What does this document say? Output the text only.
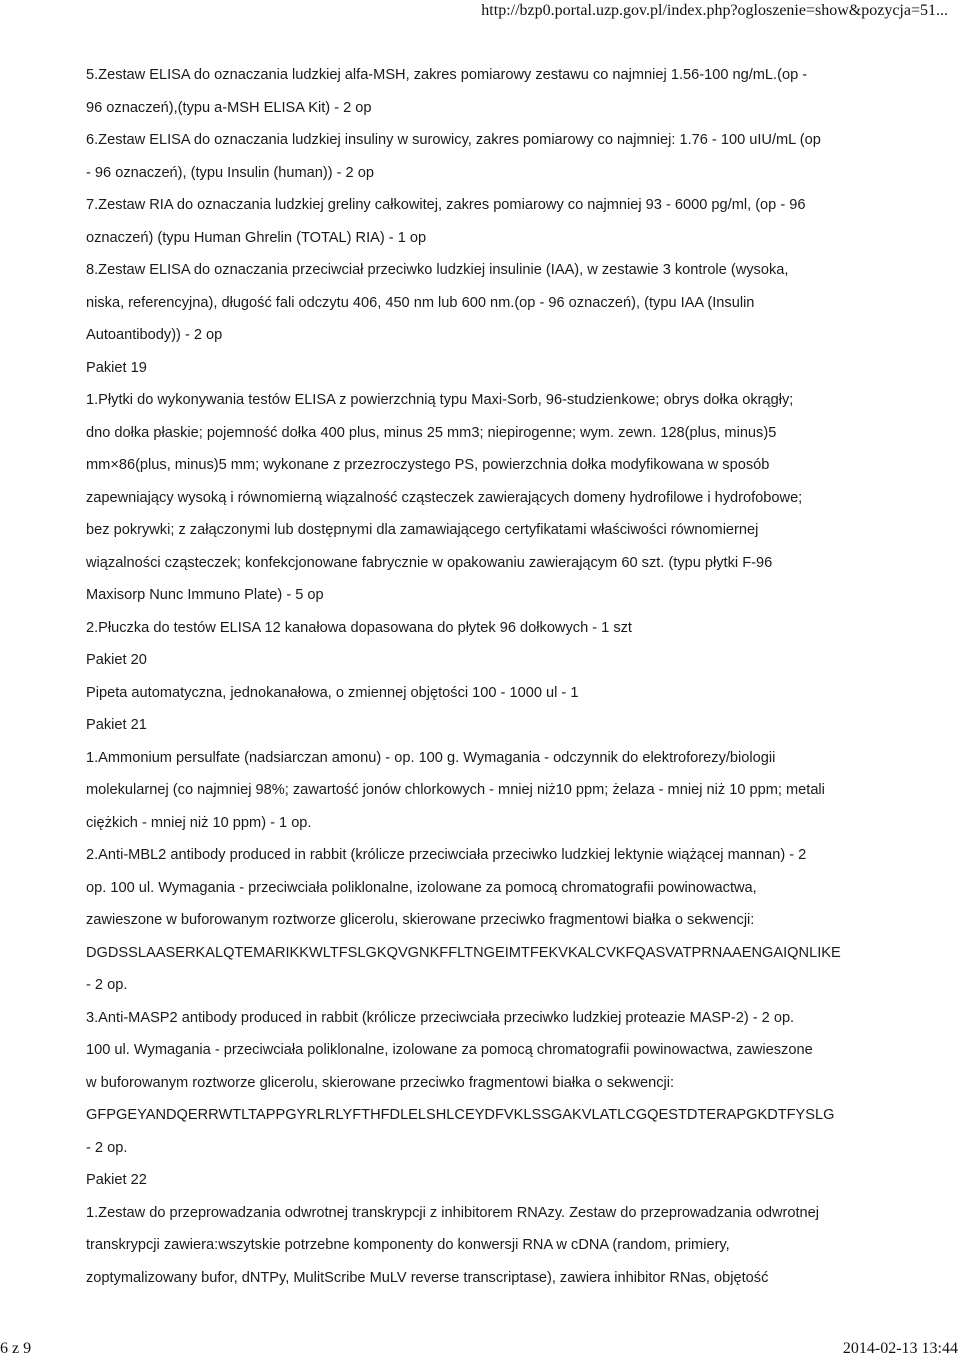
http://bzp0.portal.uzp.gov.pl/index.php?ogloszenie=show&pozycja=51...
5.Zestaw ELISA do oznaczania ludzkiej alfa-MSH, zakres pomiarowy zestawu co najmniej 1.56-100 ng/mL.(op -
96 oznaczeń),(typu a-MSH ELISA Kit) - 2 op
6.Zestaw ELISA do oznaczania ludzkiej insuliny w surowicy, zakres pomiarowy co najmniej: 1.76 - 100 uIU/mL (op
- 96 oznaczeń), (typu Insulin (human)) - 2 op
7.Zestaw RIA do oznaczania ludzkiej greliny całkowitej, zakres pomiarowy co najmniej 93 - 6000 pg/ml, (op - 96
oznaczeń) (typu Human Ghrelin (TOTAL) RIA) - 1 op
8.Zestaw ELISA do oznaczania przeciwciał przeciwko ludzkiej insulinie (IAA), w zestawie 3 kontrole (wysoka,
niska, referencyjna), długość fali odczytu 406, 450 nm lub 600 nm.(op - 96 oznaczeń), (typu IAA (Insulin
Autoantibody)) - 2 op
Pakiet 19
1.Płytki do wykonywania testów ELISA z powierzchnią typu Maxi-Sorb, 96-studzienkowe; obrys dołka okrągły;
dno dołka płaskie; pojemność dołka 400 plus, minus 25 mm3; niepirogenne; wym. zewn. 128(plus, minus)5
mm×86(plus, minus)5 mm; wykonane z przezroczystego PS, powierzchnia dołka modyfikowana w sposób
zapewniający wysoką i równomierną wiązalność cząsteczek zawierających domeny hydrofilowe i hydrofobowe;
bez pokrywki; z załączonymi lub dostępnymi dla zamawiającego certyfikatami właściwości równomiernej
wiązalności cząsteczek; konfekcjonowane fabrycznie w opakowaniu zawierającym 60 szt. (typu płytki F-96
Maxisorp Nunc Immuno Plate) - 5 op
2.Płuczka do testów ELISA 12 kanałowa dopasowana do płytek 96 dołkowych - 1 szt
Pakiet 20
Pipeta automatyczna, jednokanałowa, o zmiennej objętości 100 - 1000 ul - 1
Pakiet 21
1.Ammonium persulfate (nadsiarczan amonu) - op. 100 g. Wymagania - odczynnik do elektroforezy/biologii
molekularnej (co najmniej 98%; zawartość jonów chlorkowych - mniej niż10 ppm; żelaza - mniej niż 10 ppm; metali
ciężkich - mniej niż 10 ppm) - 1 op.
2.Anti-MBL2 antibody produced in rabbit (królicze przeciwciała przeciwko ludzkiej lektynie wiążącej mannan) - 2
op. 100 ul. Wymagania - przeciwciała poliklonalne, izolowane za pomocą chromatografii powinowactwa,
zawieszone w buforowanym roztworze glicerolu, skierowane przeciwko fragmentowi białka o sekwencji:
DGDSSLAASERKALQTEMARIKKWLTFSLGKQVGNKFFLTNGEIMTFEKVKALCVKFQASVATPRNAAENGAIQNLIKE
- 2 op.
3.Anti-MASP2 antibody produced in rabbit (królicze przeciwciała przeciwko ludzkiej proteazie MASP-2) - 2 op.
100 ul. Wymagania - przeciwciała poliklonalne, izolowane za pomocą chromatografii powinowactwa, zawieszone
w buforowanym roztworze glicerolu, skierowane przeciwko fragmentowi białka o sekwencji:
GFPGEYANDQERRWTLTAPPGYRLRLYFTHFDLELSHLCEYDFVKLSSGAKVLATLCGQESTDTERAPGKDTFYSLG
- 2 op.
Pakiet 22
1.Zestaw do przeprowadzania odwrotnej transkrypcji z inhibitorem RNAzy. Zestaw do przeprowadzania odwrotnej
transkrypcji zawiera:wszytskie potrzebne komponenty do konwersji RNA w cDNA (random, primiery,
zoptymalizowany bufor, dNTPy, MulitScribe MuLV reverse transcriptase), zawiera inhibitor RNas, objętość
6 z 9	2014-02-13 13:44
